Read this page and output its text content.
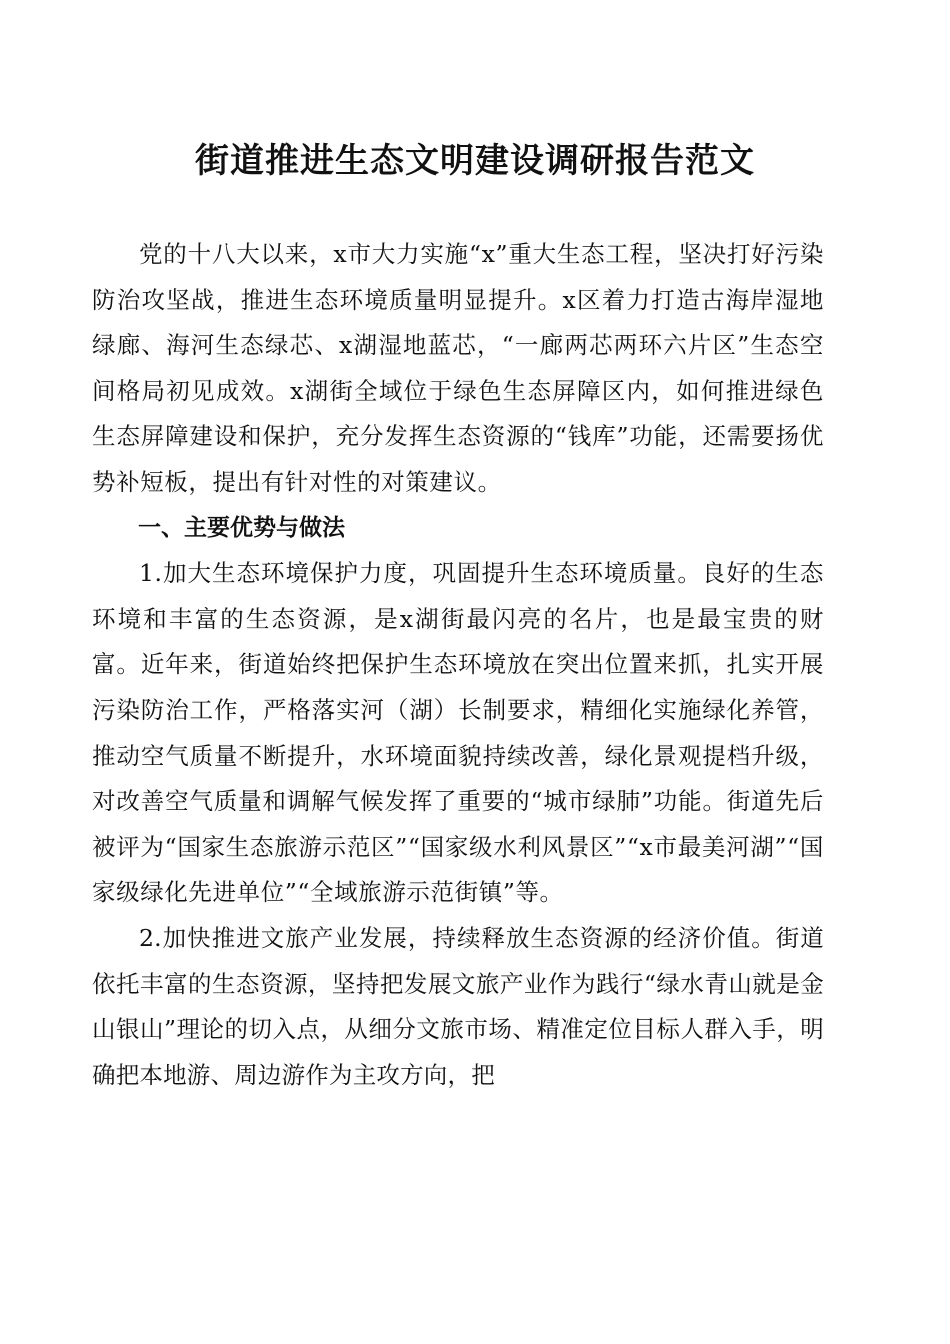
街道推进生态文明建设调研报告范文

党的十八大以来，x市大力实施“x”重大生态工程，坚决打好污染防治攻坚战，推进生态环境质量明显提升。x区着力打造古海岸湿地绿廊、海河生态绿芯、x湖湿地蓝芯，“一廊两芯两环六片区”生态空间格局初见成效。x湖街全域位于绿色生态屏障区内，如何推进绿色生态屏障建设和保护，充分发挥生态资源的“钱库”功能，还需要扬优势补短板，提出有针对性的对策建议。

一、主要优势与做法

1.加大生态环境保护力度，巩固提升生态环境质量。良好的生态环境和丰富的生态资源，是x湖街最闪亮的名片，也是最宝贵的财富。近年来，街道始终把保护生态环境放在突出位置来抓，扎实开展污染防治工作，严格落实河（湖）长制要求，精细化实施绿化养管，推动空气质量不断提升，水环境面貌持续改善，绿化景观提档升级，对改善空气质量和调解气候发挥了重要的“城市绿肺”功能。街道先后被评为“国家生态旅游示范区”“国家级水利风景区”“x市最美河湖”“国家级绿化先进单位”“全域旅游示范街镇”等。

2.加快推进文旅产业发展，持续释放生态资源的经济价值。街道依托丰富的生态资源，坚持把发展文旅产业作为践行“绿水青山就是金山银山”理论的切入点，从细分文旅市场、精准定位目标人群入手，明确把本地游、周边游作为主攻方向，把
